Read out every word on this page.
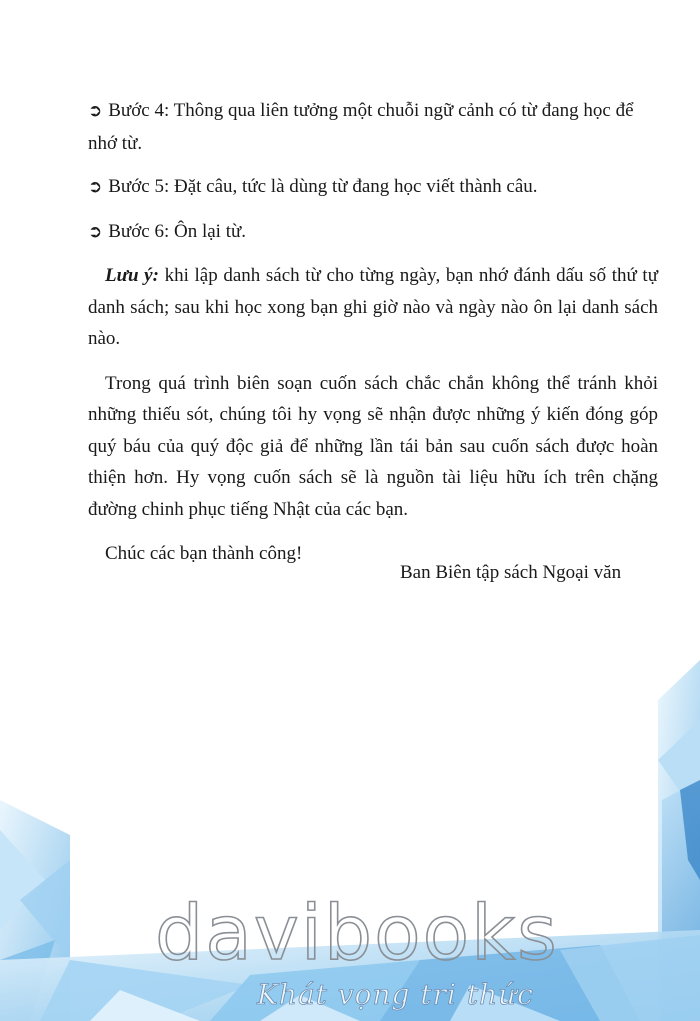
➲ Bước 4: Thông qua liên tưởng một chuỗi ngữ cảnh có từ đang học để nhớ từ.

➲ Bước 5: Đặt câu, tức là dùng từ đang học viết thành câu.

➲ Bước 6: Ôn lại từ.

Lưu ý: khi lập danh sách từ cho từng ngày, bạn nhớ đánh dấu số thứ tự danh sách; sau khi học xong bạn ghi giờ nào và ngày nào ôn lại danh sách nào.

Trong quá trình biên soạn cuốn sách chắc chắn không thể tránh khỏi những thiếu sót, chúng tôi hy vọng sẽ nhận được những ý kiến đóng góp quý báu của quý độc giả để những lần tái bản sau cuốn sách được hoàn thiện hơn. Hy vọng cuốn sách sẽ là nguồn tài liệu hữu ích trên chặng đường chinh phục tiếng Nhật của các bạn.

Chúc các bạn thành công!

Ban Biên tập sách Ngoại văn
davibooks
Khát vọng tri thức
